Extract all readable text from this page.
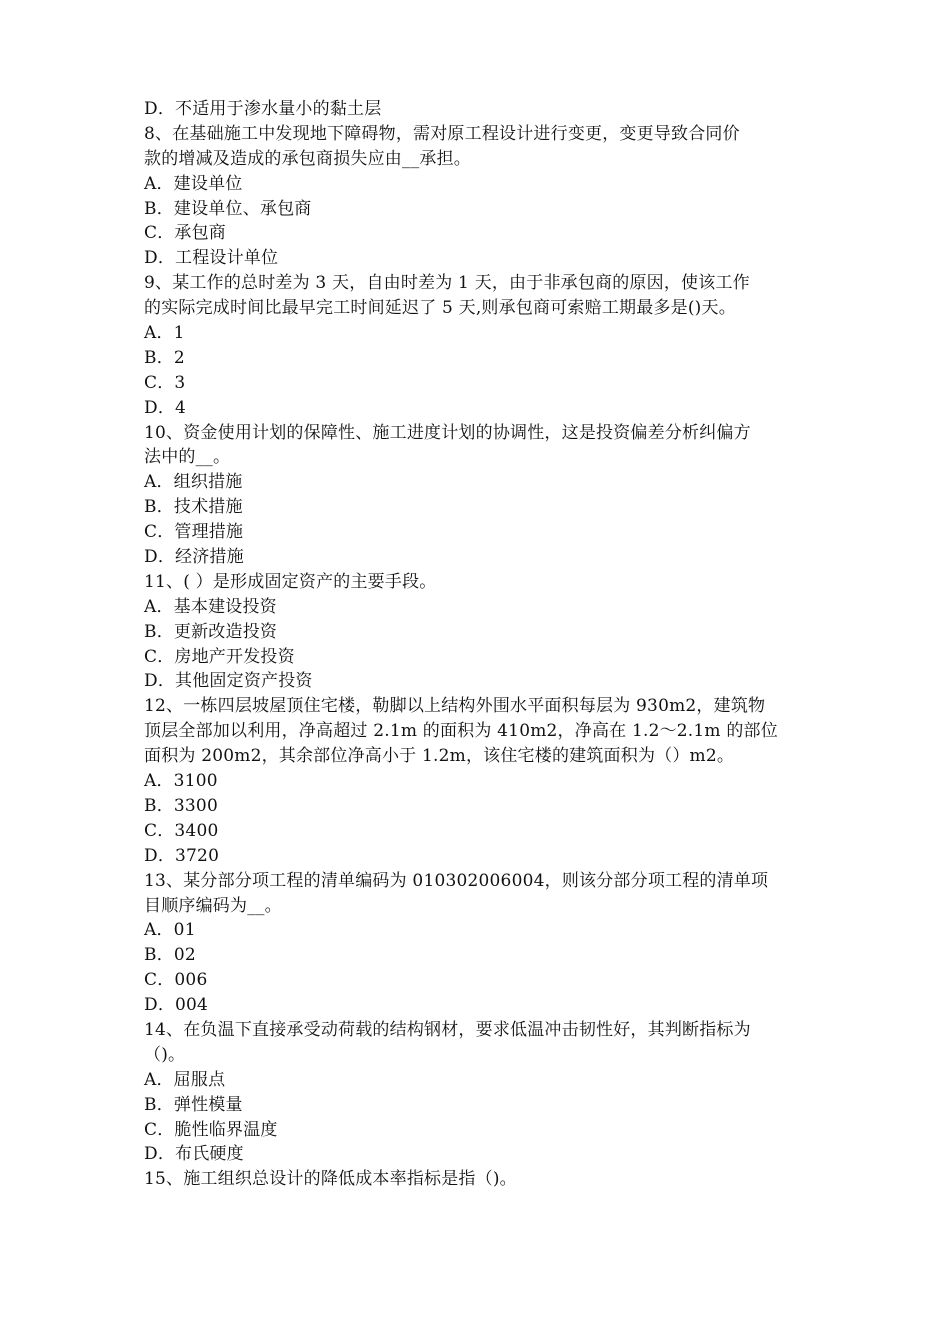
D．不适用于渗水量小的黏土层
8、在基础施工中发现地下障碍物，需对原工程设计进行变更，变更导致合同价
款的增减及造成的承包商损失应由__承担。
A．建设单位
B．建设单位、承包商
C．承包商
D．工程设计单位
9、某工作的总时差为 3 天，自由时差为 1 天，由于非承包商的原因，使该工作
的实际完成时间比最早完工时间延迟了 5 天,则承包商可索赔工期最多是()天。
A．1
B．2
C．3
D．4
10、资金使用计划的保障性、施工进度计划的协调性，这是投资偏差分析纠偏方
法中的__。
A．组织措施
B．技术措施
C．管理措施
D．经济措施
11、( ）是形成固定资产的主要手段。
A．基本建设投资
B．更新改造投资
C．房地产开发投资
D．其他固定资产投资
12、一栋四层坡屋顶住宅楼，勒脚以上结构外围水平面积每层为 930m2，建筑物
顶层全部加以利用，净高超过 2.1m 的面积为 410m2，净高在 1.2～2.1m 的部位
面积为 200m2，其余部位净高小于 1.2m，该住宅楼的建筑面积为（）m2。
A．3100
B．3300
C．3400
D．3720
13、某分部分项工程的清单编码为 010302006004，则该分部分项工程的清单项
目顺序编码为__。
A．01
B．02
C．006
D．004
14、在负温下直接承受动荷载的结构钢材，要求低温冲击韧性好，其判断指标为
（)。
A．屈服点
B．弹性模量
C．脆性临界温度
D．布氏硬度
15、施工组织总设计的降低成本率指标是指（)。
